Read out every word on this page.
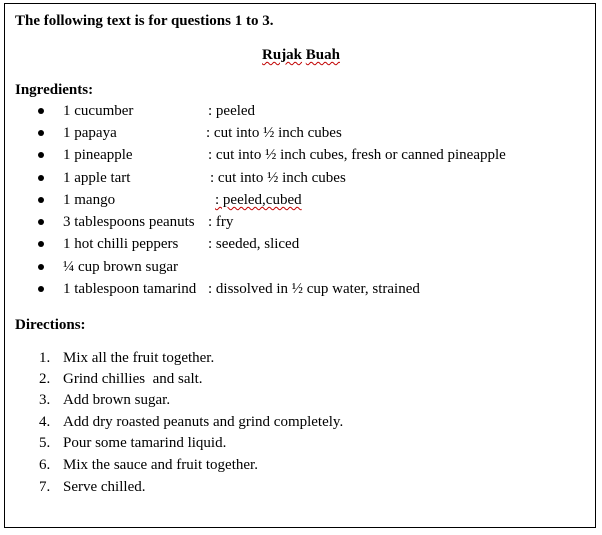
The following text is for questions 1 to 3.
Rujak Buah
Ingredients:
1 cucumber	: peeled
1 papaya	: cut into ½ inch cubes
1 pineapple	: cut into ½ inch cubes, fresh or canned pineapple
1 apple tart	: cut into ½ inch cubes
1 mango	: peeled,cubed
3 tablespoons peanuts : fry
1 hot chilli peppers : seeded, sliced
¼ cup brown sugar
1 tablespoon tamarind : dissolved in ½ cup water, strained
Directions:
1. Mix all the fruit together.
2. Grind chillies  and salt.
3. Add brown sugar.
4. Add dry roasted peanuts and grind completely.
5. Pour some tamarind liquid.
6. Mix the sauce and fruit together.
7. Serve chilled.
